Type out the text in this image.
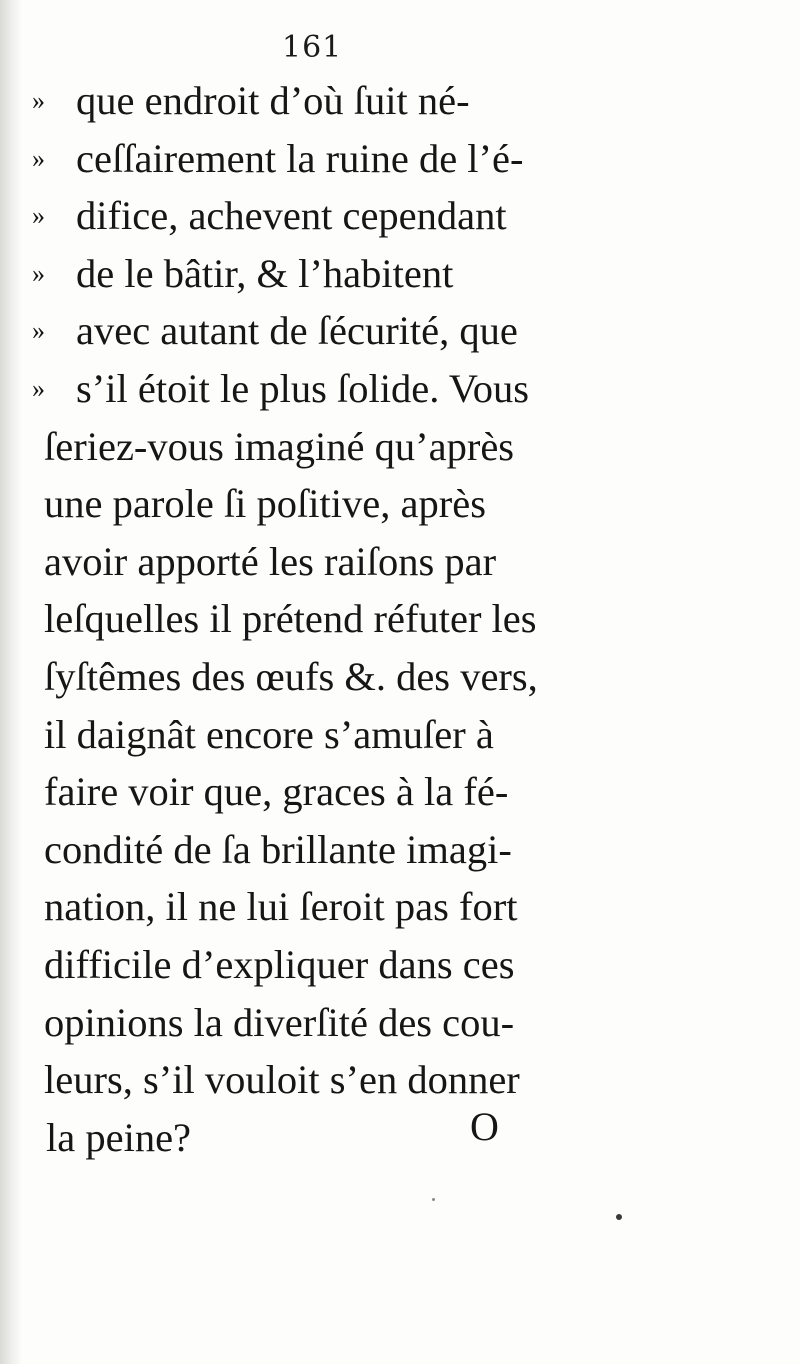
161
» que endroit d’où ſuit né-
» ceſſairement la ruine de l’é-
» difice, achevent cependant
» de le bâtir, & l’habitent
» avec autant de ſécurité, que
» s’il étoit le plus ſolide. Vous
ſeriez-vous imaginé qu’après
une parole ſi poſitive, après
avoir apporté les raiſons par
leſquelles il prétend réfuter les
ſyſtêmes des œufs &. des vers,
il daignât encore s’amuſer à
faire voir que, graces à la fé-
condité de ſa brillante imagi-
nation, il ne lui ſeroit pas fort
difficile d’expliquer dans ces
opinions la diverſité des cou-
leurs, s’il vouloit s’en donner
la peine?	O
